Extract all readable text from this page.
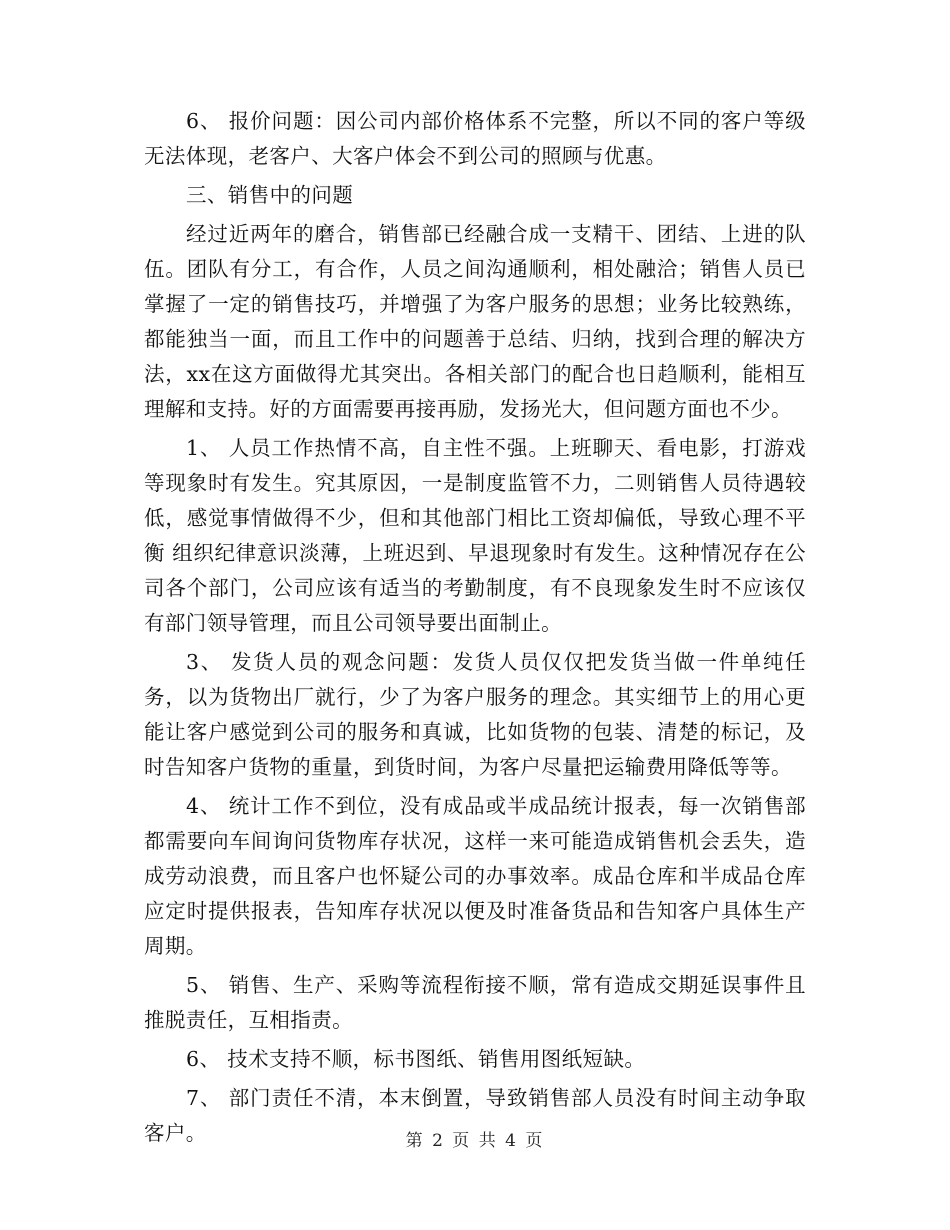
6、 报价问题：因公司内部价格体系不完整，所以不同的客户等级无法体现，老客户、大客户体会不到公司的照顾与优惠。

三、销售中的问题

经过近两年的磨合，销售部已经融合成一支精干、团结、上进的队伍。团队有分工，有合作，人员之间沟通顺利，相处融洽；销售人员已掌握了一定的销售技巧，并增强了为客户服务的思想；业务比较熟练，都能独当一面，而且工作中的问题善于总结、归纳，找到合理的解决方法，xx在这方面做得尤其突出。各相关部门的配合也日趋顺利，能相互理解和支持。好的方面需要再接再励，发扬光大，但问题方面也不少。

1、 人员工作热情不高，自主性不强。上班聊天、看电影，打游戏等现象时有发生。究其原因，一是制度监管不力，二则销售人员待遇较低，感觉事情做得不少，但和其他部门相比工资却偏低，导致心理不平衡 组织纪律意识淡薄，上班迟到、早退现象时有发生。这种情况存在公司各个部门，公司应该有适当的考勤制度，有不良现象发生时不应该仅有部门领导管理，而且公司领导要出面制止。

3、 发货人员的观念问题：发货人员仅仅把发货当做一件单纯任务，以为货物出厂就行，少了为客户服务的理念。其实细节上的用心更能让客户感觉到公司的服务和真诚，比如货物的包装、清楚的标记，及时告知客户货物的重量，到货时间，为客户尽量把运输费用降低等等。

4、 统计工作不到位，没有成品或半成品统计报表，每一次销售部都需要向车间询问货物库存状况，这样一来可能造成销售机会丢失，造成劳动浪费，而且客户也怀疑公司的办事效率。成品仓库和半成品仓库应定时提供报表，告知库存状况以便及时准备货品和告知客户具体生产周期。

5、 销售、生产、采购等流程衔接不顺，常有造成交期延误事件且推脱责任，互相指责。

6、 技术支持不顺，标书图纸、销售用图纸短缺。

7、 部门责任不清，本末倒置，导致销售部人员没有时间主动争取客户。	第 2 页 共 4 页
